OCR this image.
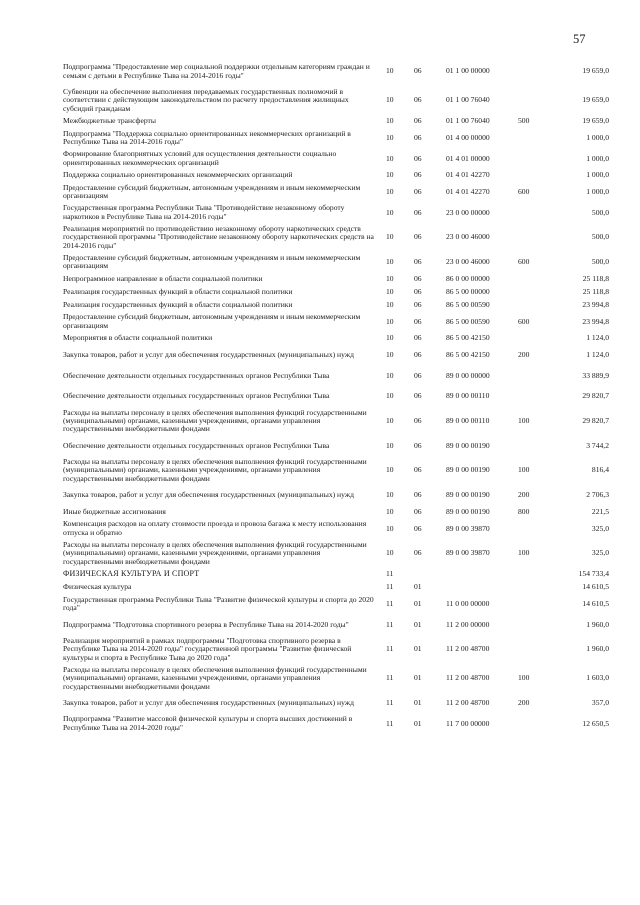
57
Подпрограмма "Предоставление мер социальной поддержки отдельным категориям граждан и семьям с детьми в Республике Тыва на 2014-2016 годы"	10	06	01 1 00 00000		19 659,0
Субвенции на обеспечение выполнения передаваемых государственных полномочий в соответствии с действующим законодательством по расчету предоставления жилищных субсидий гражданам	10	06	01 1 00 76040		19 659,0
Межбюджетные трансферты	10	06	01 1 00 76040	500	19 659,0
Подпрограмма "Поддержка социально ориентированных некоммерческих организаций в Республике Тыва на 2014-2016 годы"	10	06	01 4 00 00000		1 000,0
Формирование благоприятных условий для осуществления деятельности социально ориентированных некоммерческих организаций	10	06	01 4 01 00000		1 000,0
Поддержка социально ориентированных некоммерческих организаций	10	06	01 4 01 42270		1 000,0
Предоставление субсидий бюджетным, автономным учреждениям и иным некоммерческим организациям	10	06	01 4 01 42270	600	1 000,0
Государственная программа Республики Тыва "Противодействие незаконному обороту наркотиков в Республике Тыва на 2014-2016 годы"	10	06	23 0 00 00000		500,0
Реализация мероприятий по противодействию незаконному обороту наркотических средств государственной программы "Противодействие незаконному обороту наркотических средств на 2014-2016 годы"	10	06	23 0 00 46000		500,0
Предоставление субсидий бюджетным, автономным учреждениям и иным некоммерческим организациям	10	06	23 0 00 46000	600	500,0
Непрограммное направление в области социальной политики	10	06	86 0 00 00000		25 118,8
Реализация государственных функций в области социальной политики	10	06	86 5 00 00000		25 118,8
Реализация государственных функций в области социальной политики	10	06	86 5 00 00590		23 994,8
Предоставление субсидий бюджетным, автономным учреждениям и иным некоммерческим организациям	10	06	86 5 00 00590	600	23 994,8
Мероприятия в области социальной политики	10	06	86 5 00 42150		1 124,0
Закупка товаров, работ и услуг для обеспечения государственных (муниципальных) нужд	10	06	86 5 00 42150	200	1 124,0
Обеспечение деятельности отдельных государственных органов Республики Тыва	10	06	89 0 00 00000		33 889,9
Обеспечение деятельности отдельных государственных органов Республики Тыва	10	06	89 0 00 00110		29 820,7
Расходы на выплаты персоналу в целях обеспечения выполнения функций государственными (муниципальными) органами, казенными учреждениями, органами управления государственными внебюджетными фондами	10	06	89 0 00 00110	100	29 820,7
Обеспечение деятельности отдельных государственных органов Республики Тыва	10	06	89 0 00 00190		3 744,2
Расходы на выплаты персоналу в целях обеспечения выполнения функций государственными (муниципальными) органами, казенными учреждениями, органами управления государственными внебюджетными фондами	10	06	89 0 00 00190	100	816,4
Закупка товаров, работ и услуг для обеспечения государственных (муниципальных) нужд	10	06	89 0 00 00190	200	2 706,3
Иные бюджетные ассигнования	10	06	89 0 00 00190	800	221,5
Компенсация расходов на оплату стоимости проезда и провоза багажа к месту использования отпуска и обратно	10	06	89 0 00 39870		325,0
Расходы на выплаты персоналу в целях обеспечения выполнения функций государственными (муниципальными) органами, казенными учреждениями, органами управления государственными внебюджетными фондами	10	06	89 0 00 39870	100	325,0
ФИЗИЧЕСКАЯ КУЛЬТУРА И СПОРТ	11				154 733,4
Физическая культура	11	01			14 610,5
Государственная программа Республики Тыва "Развитие физической культуры и спорта до 2020 года"	11	01	11 0 00 00000		14 610,5
Подпрограмма "Подготовка спортивного резерва в Республике Тыва на 2014-2020 годы"	11	01	11 2 00 00000		1 960,0
Реализация мероприятий в рамках подпрограммы "Подготовка спортивного резерва в Республике Тыва на 2014-2020 годы" государственной программы "Развитие физической культуры и спорта в Республике Тыва до 2020 года"	11	01	11 2 00 48700		1 960,0
Расходы на выплаты персоналу в целях обеспечения выполнения функций государственными (муниципальными) органами, казенными учреждениями, органами управления государственными внебюджетными фондами	11	01	11 2 00 48700	100	1 603,0
Закупка товаров, работ и услуг для обеспечения государственных (муниципальных) нужд	11	01	11 2 00 48700	200	357,0
Подпрограмма "Развитие массовой физической культуры и спорта высших достижений в Республике Тыва на 2014-2020 годы"	11	01	11 7 00 00000		12 650,5
